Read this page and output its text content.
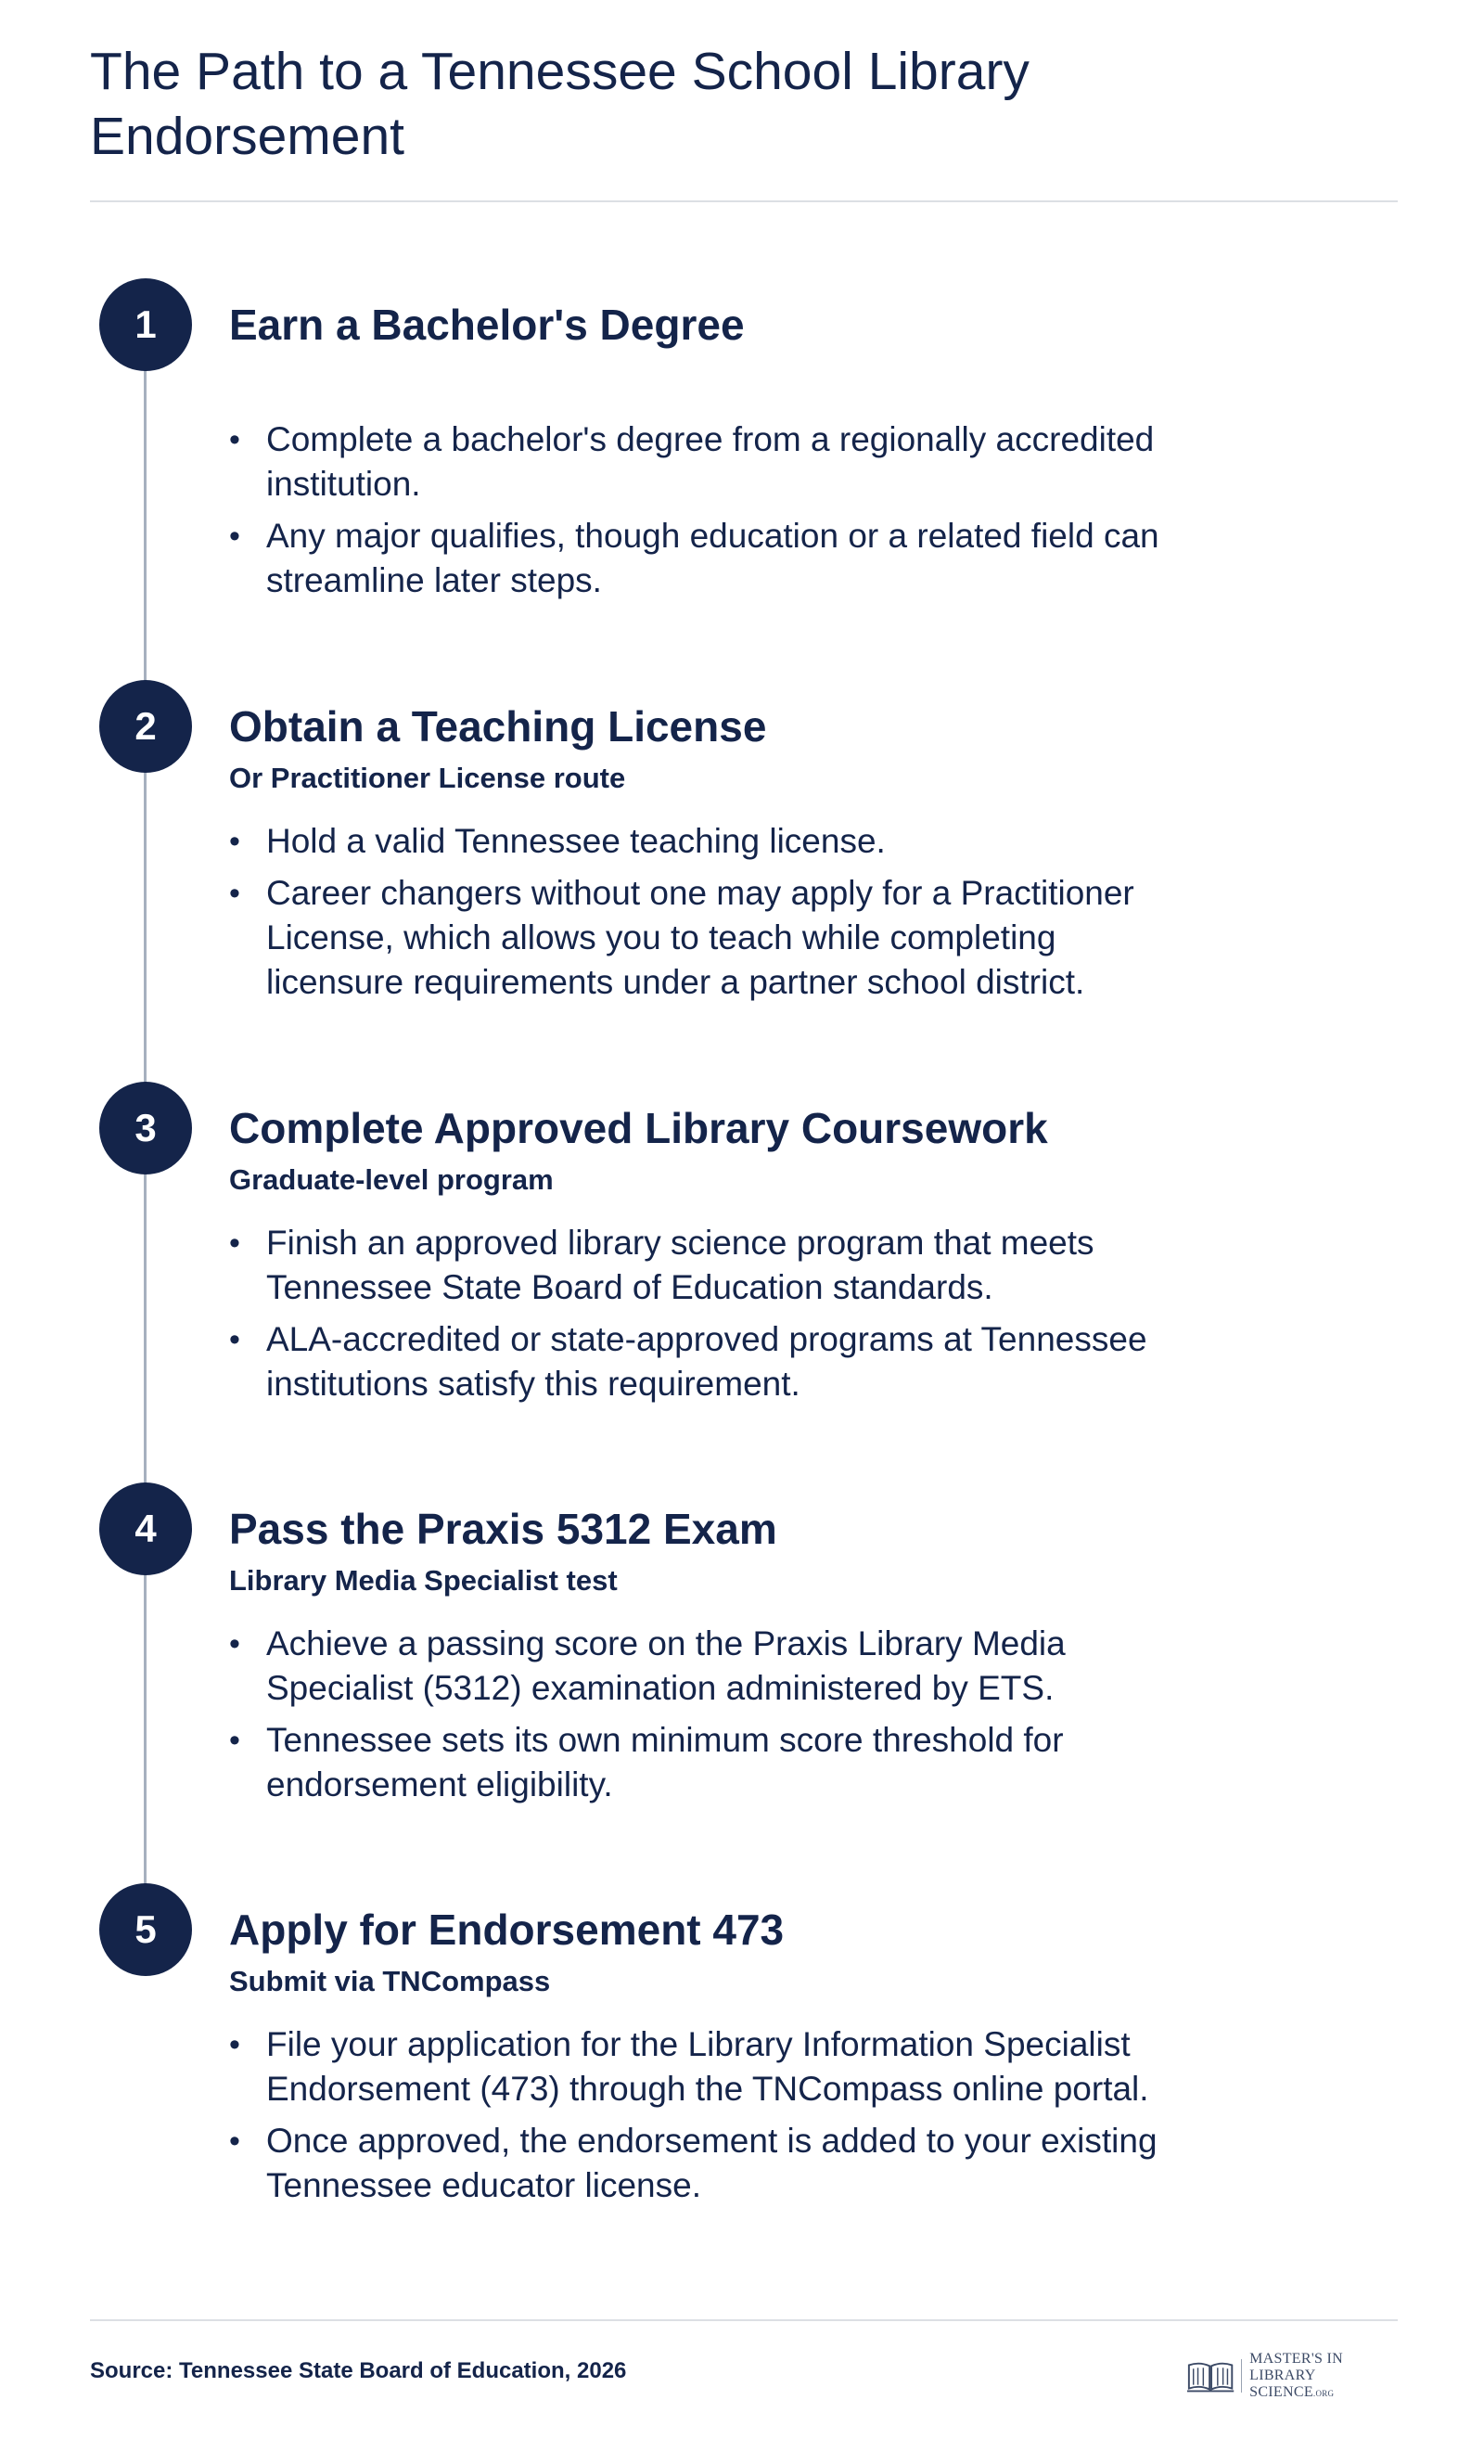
The Path to a Tennessee School Library Endorsement
1	Earn a Bachelor's Degree
• Complete a bachelor's degree from a regionally accredited institution.
• Any major qualifies, though education or a related field can streamline later steps.
2	Obtain a Teaching License

Or Practitioner License route

• Hold a valid Tennessee teaching license.
• Career changers without one may apply for a Practitioner License, which allows you to teach while completing licensure requirements under a partner school district.
3	Complete Approved Library Coursework

Graduate-level program

• Finish an approved library science program that meets Tennessee State Board of Education standards.
• ALA-accredited or state-approved programs at Tennessee institutions satisfy this requirement.
4	Pass the Praxis 5312 Exam

Library Media Specialist test

• Achieve a passing score on the Praxis Library Media Specialist (5312) examination administered by ETS.
• Tennessee sets its own minimum score threshold for endorsement eligibility.
5	Apply for Endorsement 473

Submit via TNCompass

• File your application for the Library Information Specialist Endorsement (473) through the TNCompass online portal.
• Once approved, the endorsement is added to your existing Tennessee educator license.
Source: Tennessee State Board of Education, 2026	MASTER'S IN
LIBRARY SCIENCE.ORG
